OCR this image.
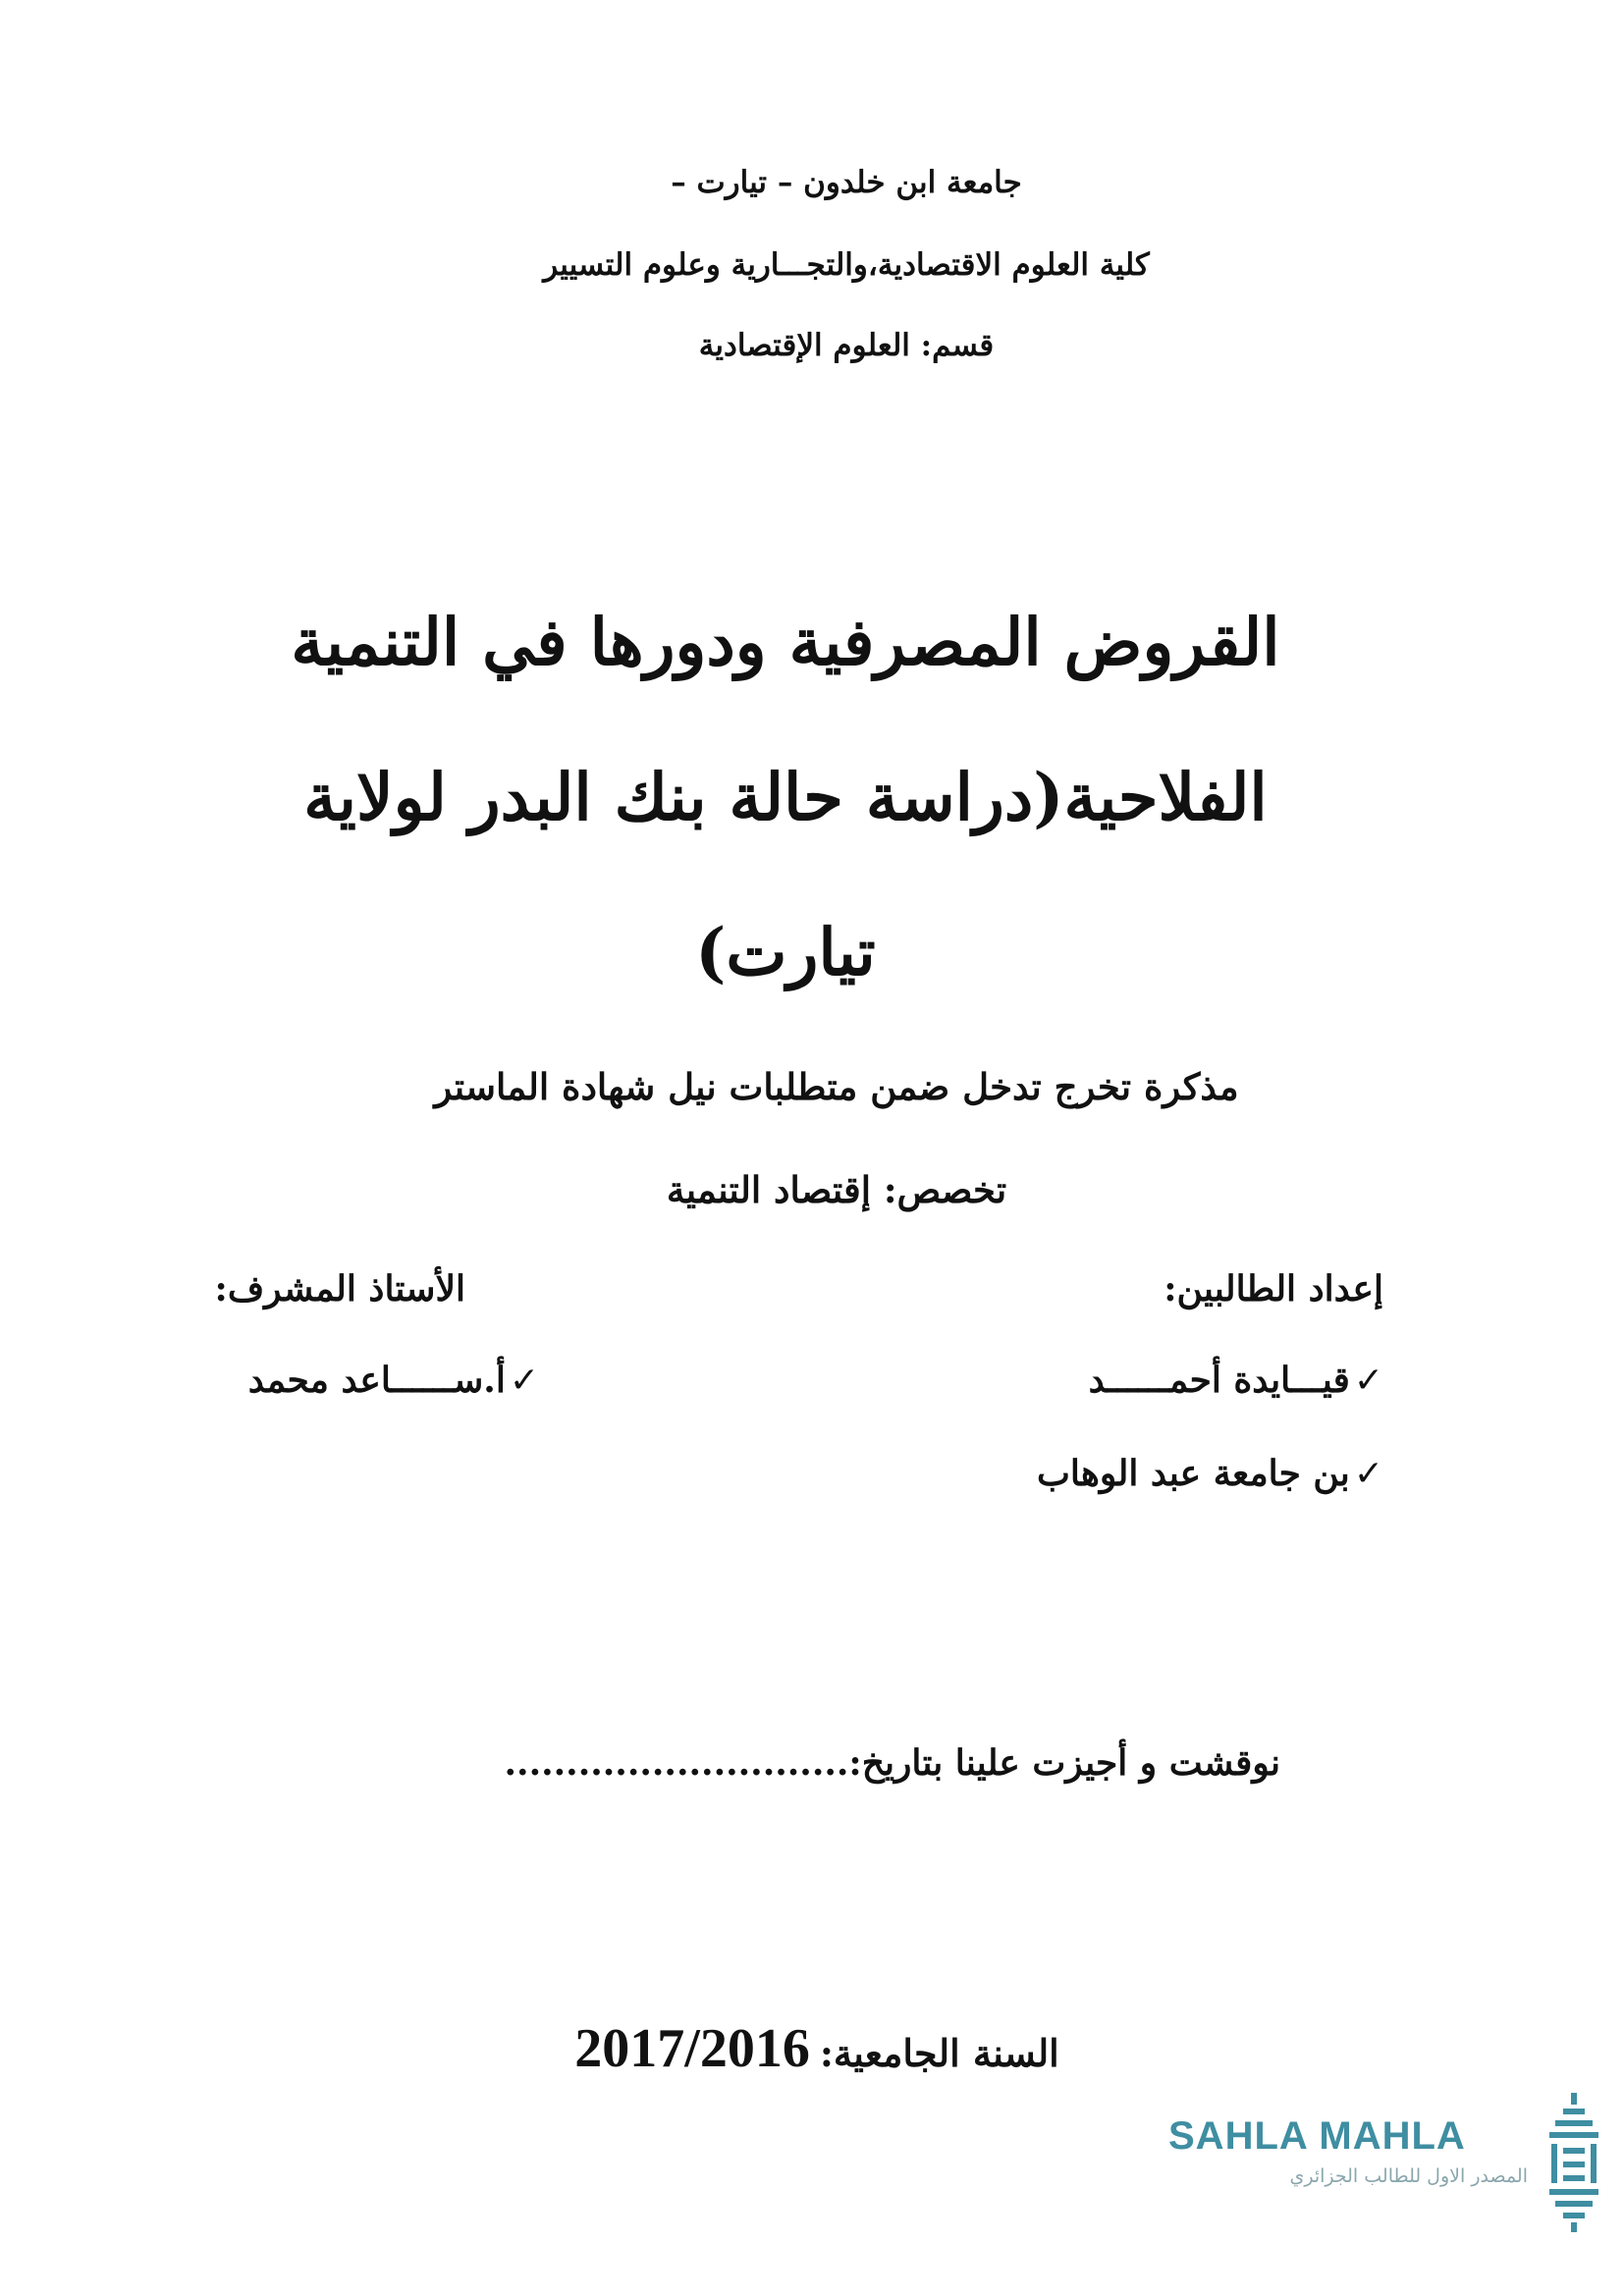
جامعة ابن خلدون – تيارت –
كلية العلوم الاقتصادية،والتجـــارية وعلوم التسيير
قسم: العلوم الإقتصادية
القروض المصرفية ودورها في التنمية
الفلاحية(دراسة حالة بنك البدر لولاية
تيارت)
مذكرة تخرج تدخل ضمن متطلبات نيل شهادة الماستر
تخصص: إقتصاد التنمية
إعداد الطالبين:
الأستاذ المشرف:
✓قيـــايدة أحمــــــد
✓بن جامعة عبد الوهاب
✓أ.ســــــاعد محمد
نوقشت و أجيزت علينا بتاريخ:............................
السنة الجامعية:2017/2016
SAHLA MAHLA
المصدر الاول للطالب الجزائري
